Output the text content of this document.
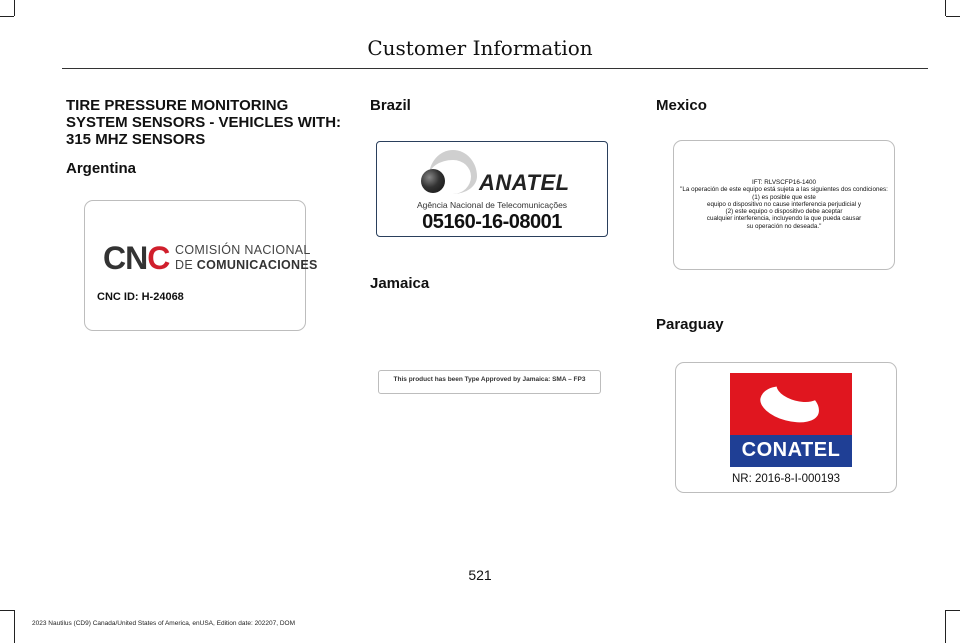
Customer Information
TIRE PRESSURE MONITORING
SYSTEM SENSORS - VEHICLES WITH:
315 MHZ SENSORS
Argentina
CNC COMISIÓN NACIONAL
DE COMUNICACIONES
CNC ID: H-24068
Brazil
ANATEL
Agência Nacional de Telecomunicações
05160-16-08001
Jamaica
This product has been Type Approved by Jamaica: SMA – FP3
Mexico
IFT: RLVSCFP16-1400
"La operación de este equipo está sujeta a las siguientes dos condiciones:
(1) es posible que este
equipo o dispositivo no cause interferencia perjudicial y
(2) este equipo o dispositivo debe aceptar
cualquier interferencia, incluyendo la que pueda causar
su operación no deseada."
Paraguay
CONATEL
NR: 2016-8-I-000193
521
2023 Nautilus (CD9) Canada/United States of America, enUSA, Edition date: 202207, DOM
